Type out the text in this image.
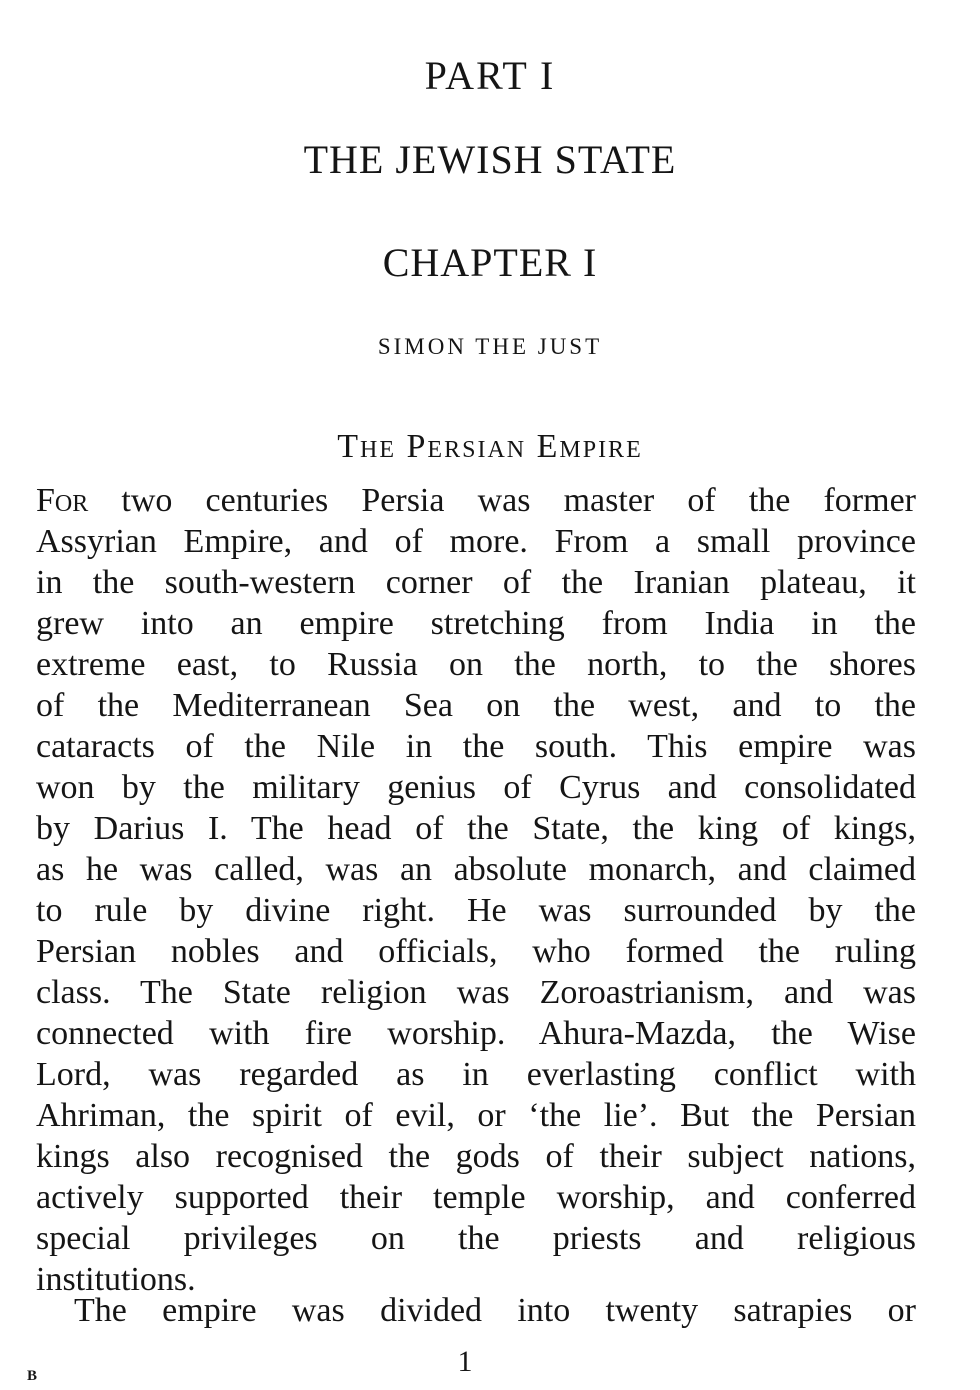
PART I
THE JEWISH STATE
CHAPTER I
SIMON THE JUST
The Persian Empire
For two centuries Persia was master of the former
Assyrian Empire, and of more. From a small province
in the south-western corner of the Iranian plateau, it
grew into an empire stretching from India in the
extreme east, to Russia on the north, to the shores
of the Mediterranean Sea on the west, and to the
cataracts of the Nile in the south. This empire was
won by the military genius of Cyrus and consolidated
by Darius I. The head of the State, the king of kings,
as he was called, was an absolute monarch, and claimed
to rule by divine right. He was surrounded by the
Persian nobles and officials, who formed the ruling
class. The State religion was Zoroastrianism, and was
connected with fire worship. Ahura-Mazda, the Wise
Lord, was regarded as in everlasting conflict with
Ahriman, the spirit of evil, or ‘the lie’. But the Persian
kings also recognised the gods of their subject nations,
actively supported their temple worship, and conferred
special privileges on the priests and religious
institutions.
The empire was divided into twenty satrapies or
1
B
